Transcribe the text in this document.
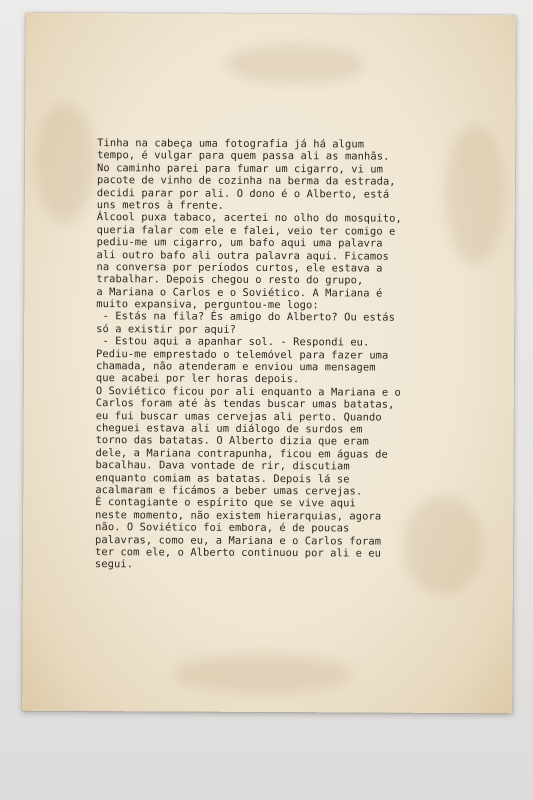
Tinha na cabeça uma fotografia já há algum
tempo, é vulgar para quem passa ali as manhãs.
No caminho parei para fumar um cigarro, vi um
pacote de vinho de cozinha na berma da estrada,
decidi parar por ali. O dono é o Alberto, está
uns metros à frente.
Álcool puxa tabaco, acertei no olho do mosquito,
queria falar com ele e falei, veio ter comigo e
pediu-me um cigarro, um bafo aqui uma palavra
ali outro bafo ali outra palavra aqui. Ficamos
na conversa por períodos curtos, ele estava a
trabalhar. Depois chegou o resto do grupo,
a Mariana o Carlos e o Soviético. A Mariana é
muito expansiva, perguntou-me logo:
- Estás na fila? És amigo do Alberto? Ou estás
só a existir por aqui?
- Estou aqui a apanhar sol. - Respondi eu.
Pediu-me emprestado o telemóvel para fazer uma
chamada, não atenderam e enviou uma mensagem
que acabei por ler horas depois.
O Soviético ficou por ali enquanto a Mariana e o
Carlos foram até às tendas buscar umas batatas,
eu fui buscar umas cervejas ali perto. Quando
cheguei estava ali um diálogo de surdos em
torno das batatas. O Alberto dizia que eram
dele, a Mariana contrapunha, ficou em águas de
bacalhau. Dava vontade de rir, discutiam
enquanto comiam as batatas. Depois lá se
acalmaram e ficámos a beber umas cervejas.
É contagiante o espírito que se vive aqui
neste momento, não existem hierarquias, agora
não. O Soviético foi embora, é de poucas
palavras, como eu, a Mariana e o Carlos foram
ter com ele, o Alberto continuou por ali e eu
segui.
